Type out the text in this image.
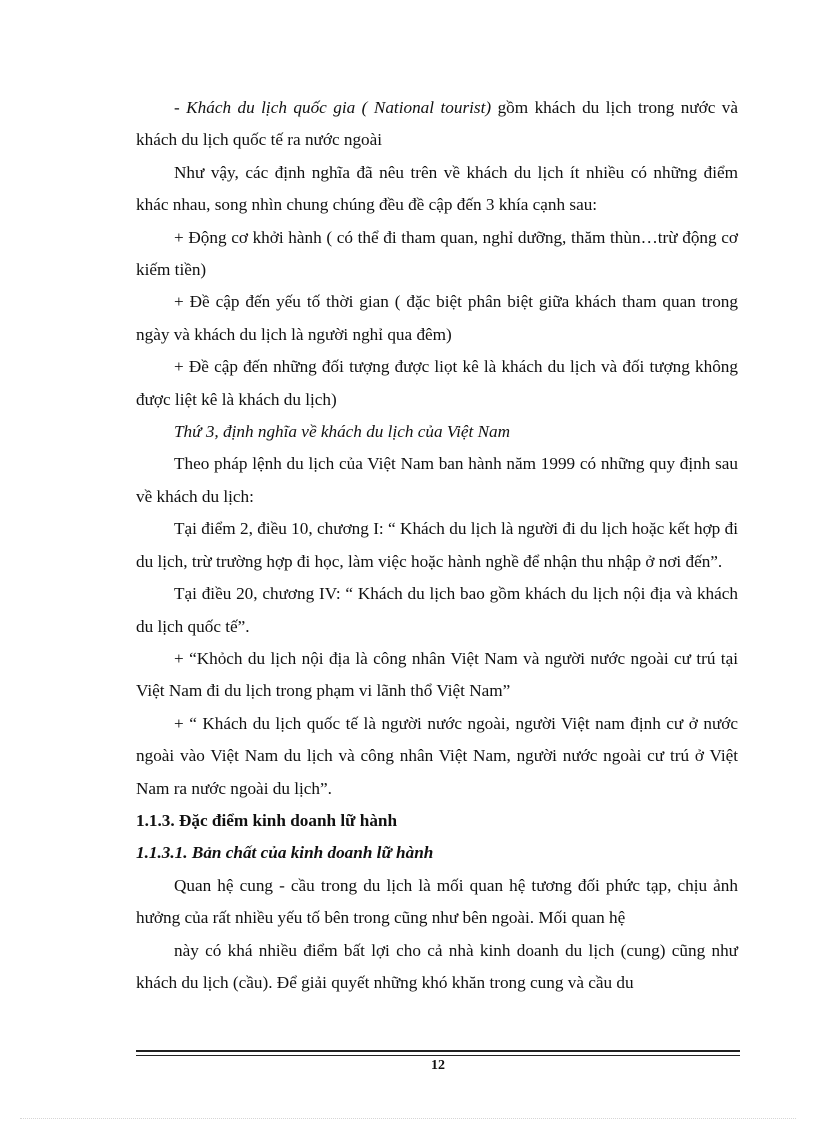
- Khách du lịch quốc gia ( National tourist) gồm khách du lịch trong nước và khách du lịch quốc tế ra nước ngoài

Như vậy, các định nghĩa đã nêu trên về khách du lịch ít nhiều có những điểm khác nhau, song nhìn chung chúng đều đề cập đến 3 khía cạnh sau:

+ Động cơ khởi hành ( có thể đi tham quan, nghỉ dưỡng, thăm thùn…trừ động cơ kiếm tiền)

+ Đề cập đến yếu tố thời gian ( đặc biệt phân biệt giữa khách tham quan trong ngày và khách du lịch là người nghỉ qua đêm)

+ Đề cập đến những đối tượng được liọt kê là khách du lịch và đối tượng không được liệt kê là khách du lịch)

Thứ 3, định nghĩa về khách du lịch của Việt Nam

Theo pháp lệnh du lịch của Việt Nam ban hành năm 1999 có những quy định sau về khách du lịch:

Tại điểm 2, điều 10, chương I: “ Khách du lịch là người đi du lịch hoặc kết hợp đi du lịch, trừ trường hợp đi học, làm việc hoặc hành nghề để nhận thu nhập ở nơi đến”.

Tại điều 20, chương IV: “ Khách du lịch bao gồm khách du lịch nội địa và khách du lịch quốc tế”.

+ “Khỏch du lịch nội địa là công nhân Việt Nam và người nước ngoài cư trú tại Việt Nam đi du lịch trong phạm vi lãnh thổ Việt Nam”

+ “ Khách du lịch quốc tế là người nước ngoài, người Việt nam định cư ở nước ngoài vào Việt Nam du lịch và công nhân Việt Nam, người nước ngoài cư trú ở Việt Nam ra nước ngoài du lịch”.

1.1.3. Đặc điểm kinh doanh lữ hành

1.1.3.1. Bản chất của kinh doanh lữ hành

Quan hệ cung - cầu trong du lịch là mối quan hệ tương đối phức tạp, chịu ảnh hưởng của rất nhiều yếu tố bên trong cũng như bên ngoài. Mối quan hệ

này có khá nhiều điểm bất lợi cho cả nhà kinh doanh du lịch (cung) cũng như khách du lịch (cầu). Để giải quyết những khó khăn trong cung và cầu du

12
